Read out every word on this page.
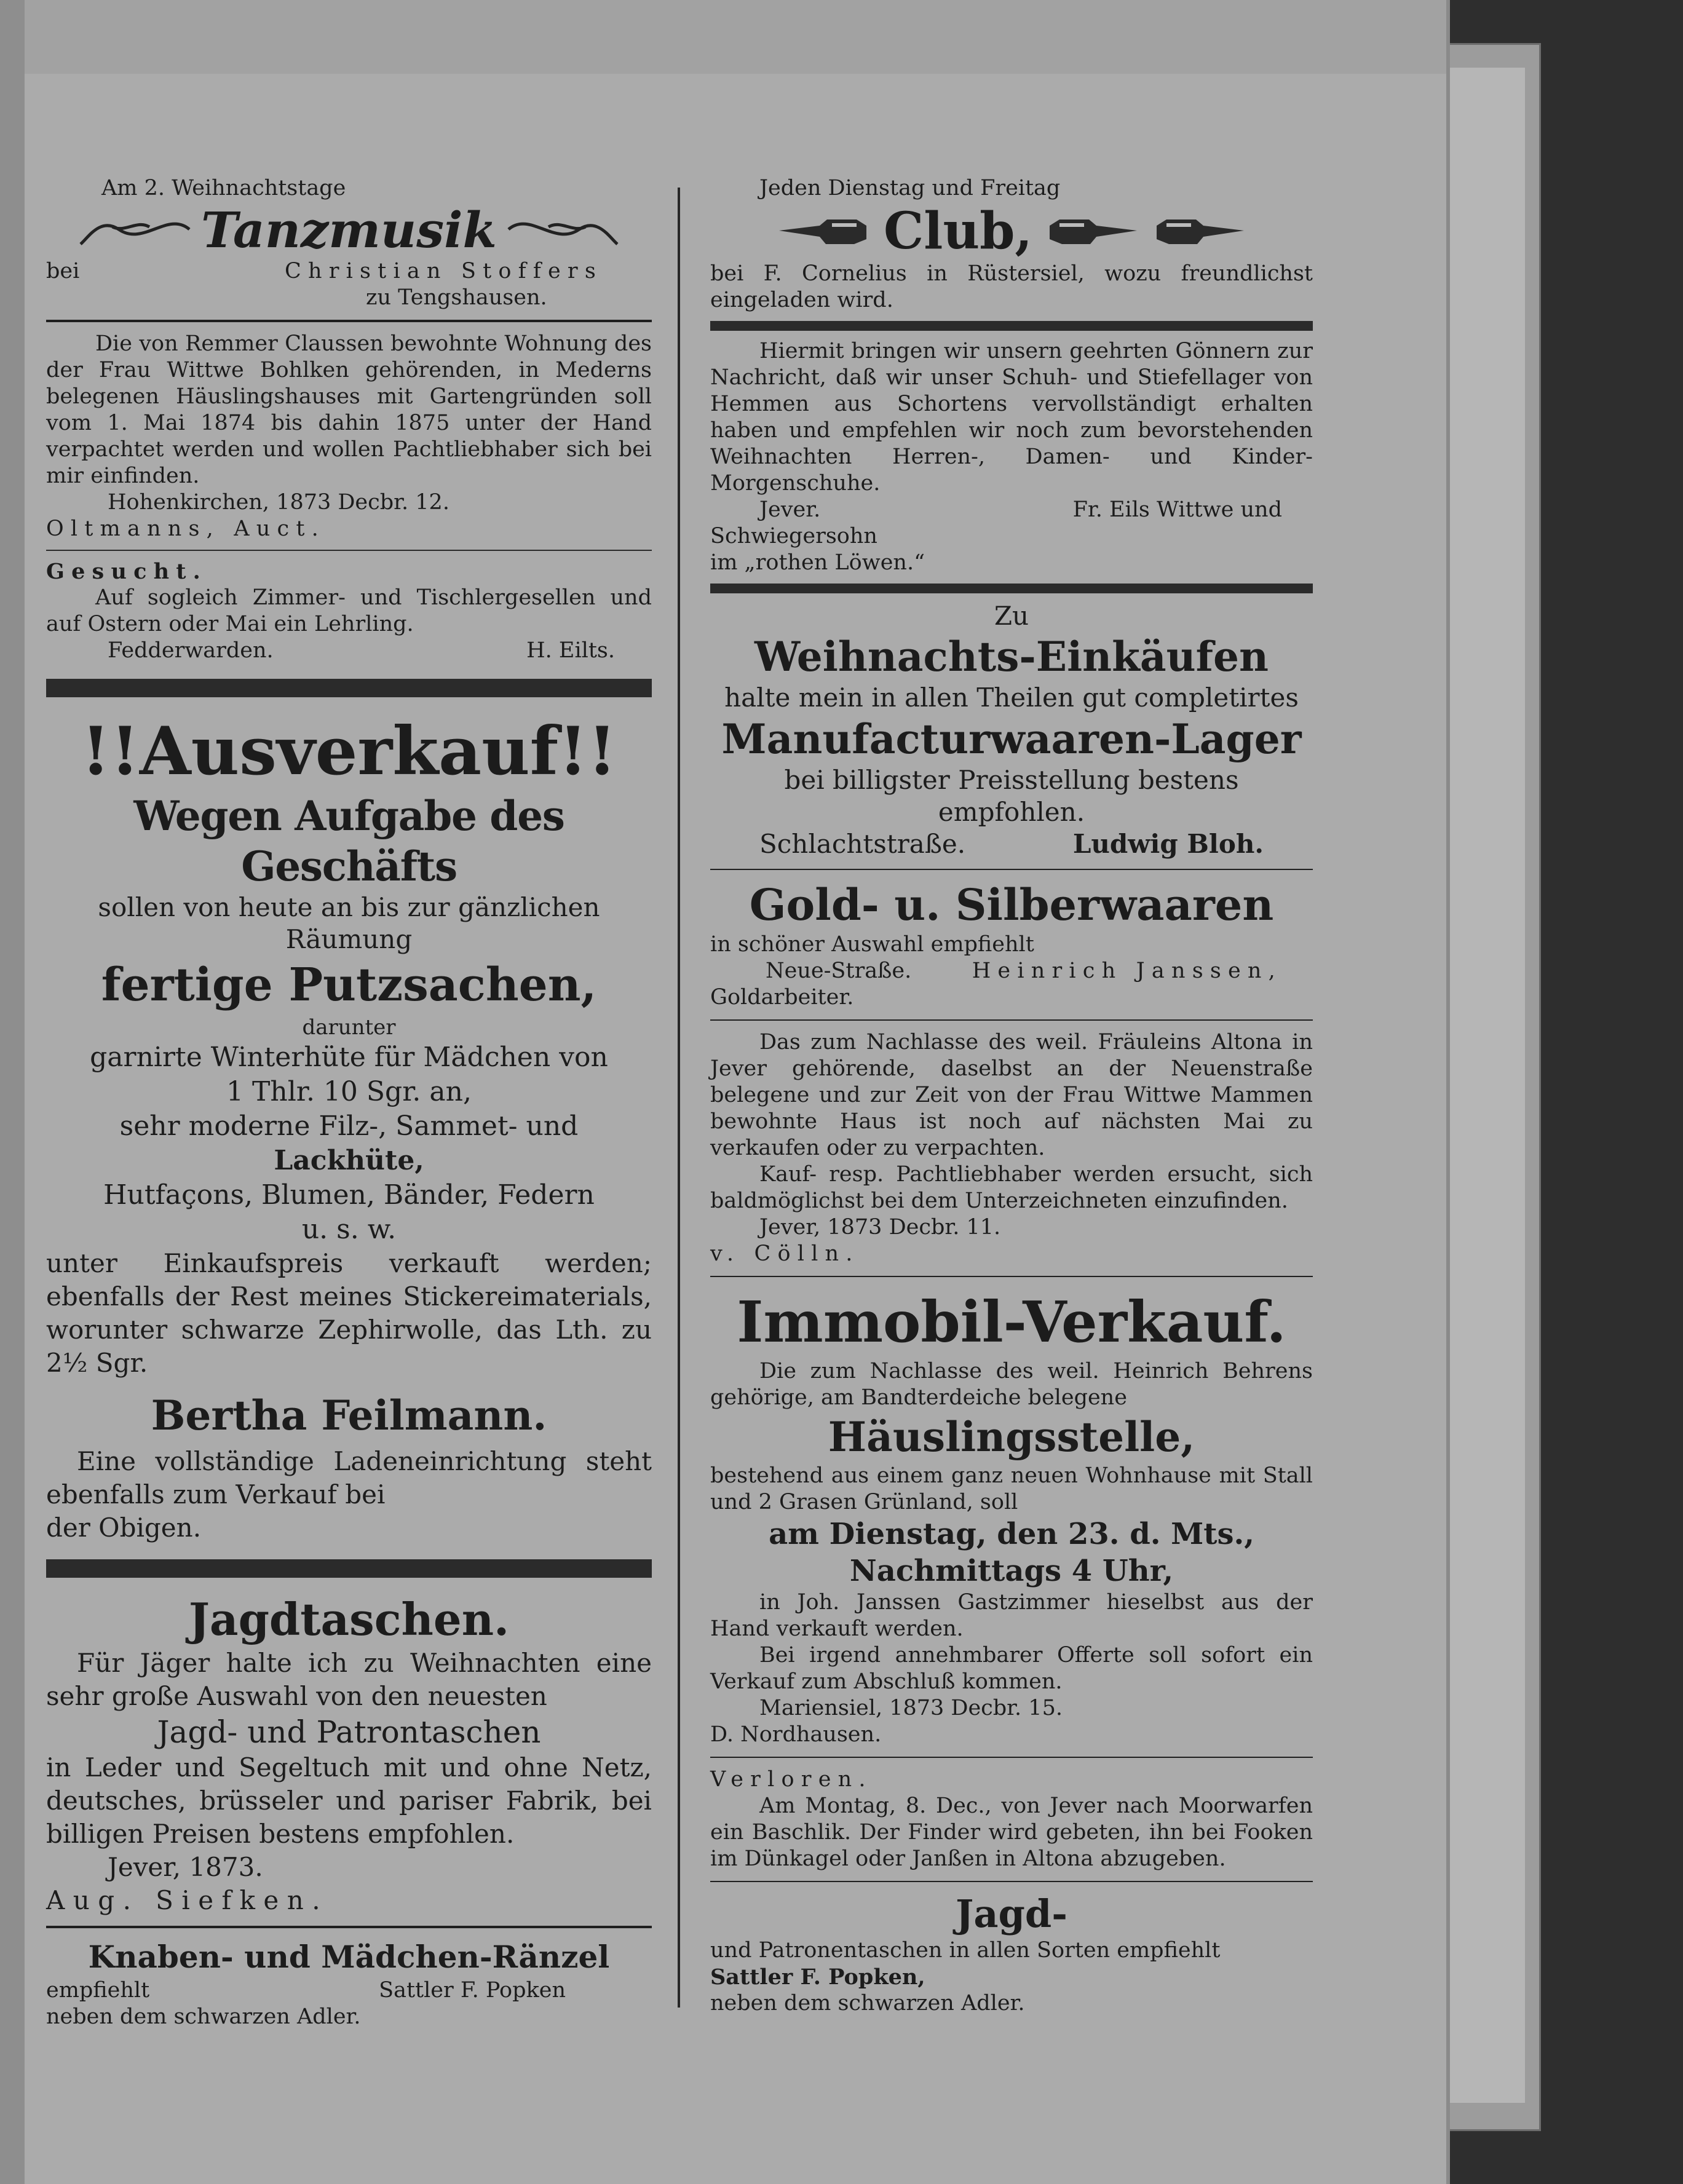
Am 2. Weihnachtstage
Tanzmusik
bei	Christian Stoffers
zu Tengshausen.
Die von Remmer Claussen bewohnte Wohnung des der Frau Wittwe Bohlken gehörenden, in Mederns belegenen Häuslingshauses mit Gartengründen soll vom 1. Mai 1874 bis dahin 1875 unter der Hand verpachtet werden und wollen Pachtliebhaber sich bei mir einfinden.
Hohenkirchen, 1873 Decbr. 12.
Oltmanns, Auct.
Gesucht.
Auf sogleich Zimmer- und Tischlergesellen und auf Ostern oder Mai ein Lehrling.
Fedderwarden.	H. Eilts.
!!Ausverkauf!!
Wegen Aufgabe des Geschäfts
sollen von heute an bis zur gänzlichen
Räumung
fertige Putzsachen,
darunter
garnirte Winterhüte für Mädchen von
1 Thlr. 10 Sgr. an,
sehr moderne Filz-, Sammet- und
Lackhüte,
Hutfaçons, Blumen, Bänder, Federn
u. s. w.
unter Einkaufspreis verkauft werden; ebenfalls der Rest meines Stickereimaterials, worunter schwarze Zephirwolle, das Lth. zu 2½ Sgr.
Bertha Feilmann.
Eine vollständige Ladeneinrichtung steht ebenfalls zum Verkauf bei
der Obigen.
Jagdtaschen.
Für Jäger halte ich zu Weihnachten eine sehr große Auswahl von den neuesten
Jagd- und Patrontaschen
in Leder und Segeltuch mit und ohne Netz, deutsches, brüsseler und pariser Fabrik, bei billigen Preisen bestens empfohlen.
Jever, 1873.
Aug. Siefken.
Knaben- und Mädchen-Ränzel
empfiehlt	Sattler F. Popken
neben dem schwarzen Adler.
Jeden Dienstag und Freitag
Club,
bei F. Cornelius in Rüstersiel, wozu freundlichst eingeladen wird.
Hiermit bringen wir unsern geehrten Gönnern zur Nachricht, daß wir unser Schuh- und Stiefellager von Hemmen aus Schortens vervollständigt erhalten haben und empfehlen wir noch zum bevorstehenden Weihnachten Herren-, Damen- und Kinder-Morgenschuhe.
Jever.	Fr. Eils Wittwe und
Schwiegersohn
im „rothen Löwen.“
Zu
Weihnachts-Einkäufen
halte mein in allen Theilen gut completirtes
Manufacturwaaren-Lager
bei billigster Preisstellung bestens empfohlen.
Schlachtstraße.	Ludwig Bloh.
Gold- u. Silberwaaren
in schöner Auswahl empfiehlt
Neue-Straße.	Heinrich Janssen,
Goldarbeiter.
Das zum Nachlasse des weil. Fräuleins Altona in Jever gehörende, daselbst an der Neuenstraße belegene und zur Zeit von der Frau Wittwe Mammen bewohnte Haus ist noch auf nächsten Mai zu verkaufen oder zu verpachten.
Kauf- resp. Pachtliebhaber werden ersucht, sich baldmöglichst bei dem Unterzeichneten einzufinden.
Jever, 1873 Decbr. 11.
v. Cölln.
Immobil-Verkauf.
Die zum Nachlasse des weil. Heinrich Behrens gehörige, am Bandterdeiche belegene
Häuslingsstelle,
bestehend aus einem ganz neuen Wohnhause mit Stall und 2 Grasen Grünland, soll
am Dienstag, den 23. d. Mts.,
Nachmittags 4 Uhr,
in Joh. Janssen Gastzimmer hieselbst aus der Hand verkauft werden.
Bei irgend annehmbarer Offerte soll sofort ein Verkauf zum Abschluß kommen.
Mariensiel, 1873 Decbr. 15.
D. Nordhausen.
Verloren.
Am Montag, 8. Dec., von Jever nach Moorwarfen ein Baschlik. Der Finder wird gebeten, ihn bei Fooken im Dünkagel oder Janßen in Altona abzugeben.
Jagd-
und Patronentaschen in allen Sorten empfiehlt
Sattler F. Popken,
neben dem schwarzen Adler.
